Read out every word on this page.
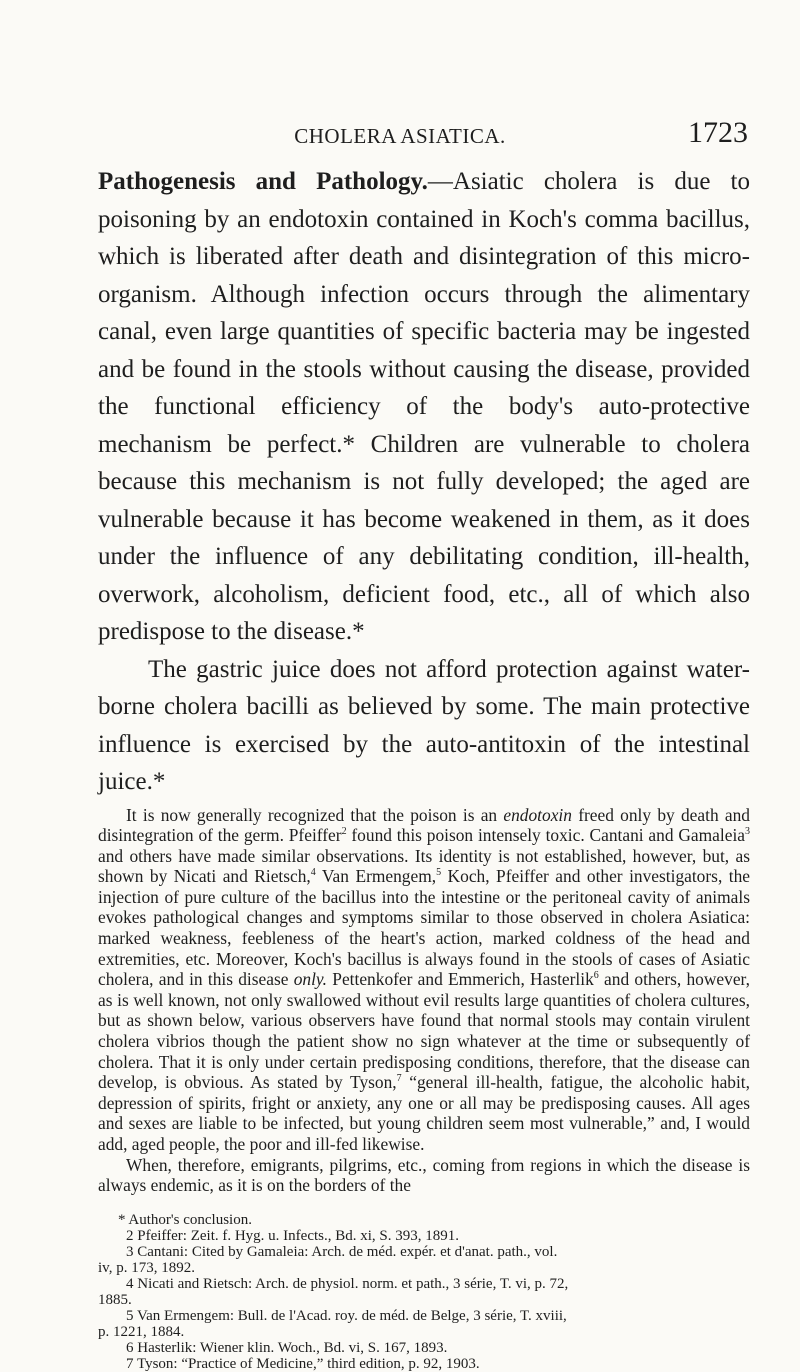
CHOLERA ASIATICA.	1723

Pathogenesis and Pathology.—Asiatic cholera is due to poisoning by an endotoxin contained in Koch's comma bacillus, which is liberated after death and disintegration of this micro-organism. Although infection occurs through the alimentary canal, even large quantities of specific bacteria may be ingested and be found in the stools without causing the disease, provided the functional efficiency of the body's auto-protective mechanism be perfect.* Children are vulnerable to cholera because this mechanism is not fully developed; the aged are vulnerable because it has become weakened in them, as it does under the influence of any debilitating condition, ill-health, overwork, alcoholism, deficient food, etc., all of which also predispose to the disease.*

The gastric juice does not afford protection against water-borne cholera bacilli as believed by some. The main protective influence is exercised by the auto-antitoxin of the intestinal juice.*

It is now generally recognized that the poison is an endotoxin freed only by death and disintegration of the germ. Pfeiffer$^2$ found this poison intensely toxic. Cantani and Gamaleia$^3$ and others have made similar observations. Its identity is not established, however, but, as shown by Nicati and Rietsch,$^4$ Van Ermengem,$^5$ Koch, Pfeiffer and other investigators, the injection of pure culture of the bacillus into the intestine or the peritoneal cavity of animals evokes pathological changes and symptoms similar to those observed in cholera Asiatica: marked weakness, feebleness of the heart's action, marked coldness of the head and extremities, etc. Moreover, Koch's bacillus is always found in the stools of cases of Asiatic cholera, and in this disease only. Pettenkofer and Emmerich, Hasterlik$^6$ and others, however, as is well known, not only swallowed without evil results large quantities of cholera cultures, but as shown below, various observers have found that normal stools may contain virulent cholera vibrios though the patient show no sign whatever at the time or subsequently of cholera. That it is only under certain predisposing conditions, therefore, that the disease can develop, is obvious. As stated by Tyson,$^7$ “general ill-health, fatigue, the alcoholic habit, depression of spirits, fright or anxiety, any one or all may be predisposing causes. All ages and sexes are liable to be infected, but young children seem most vulnerable,” and, I would add, aged people, the poor and ill-fed likewise.

When, therefore, emigrants, pilgrims, etc., coming from regions in which the disease is always endemic, as it is on the borders of the

* Author's conclusion.
2 Pfeiffer: Zeit. f. Hyg. u. Infects., Bd. xi, S. 393, 1891.
3 Cantani: Cited by Gamaleia: Arch. de méd. expér. et d'anat. path., vol.
iv, p. 173, 1892.
4 Nicati and Rietsch: Arch. de physiol. norm. et path., 3 série, T. vi, p. 72,
1885.
5 Van Ermengem: Bull. de l'Acad. roy. de méd. de Belge, 3 série, T. xviii,
p. 1221, 1884.
6 Hasterlik: Wiener klin. Woch., Bd. vi, S. 167, 1893.
7 Tyson: “Practice of Medicine,” third edition, p. 92, 1903.
